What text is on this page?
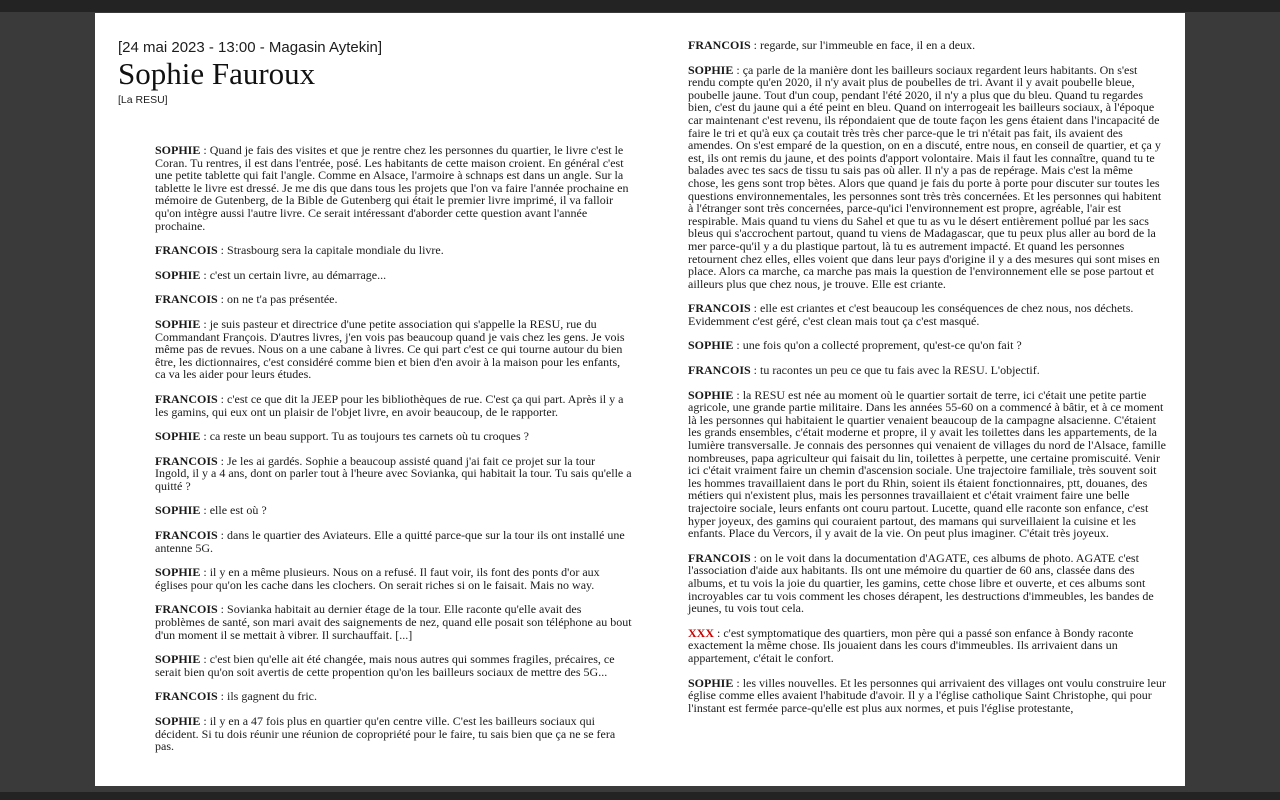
[24 mai 2023 - 13:00 - Magasin Aytekin]
Sophie Fauroux
[La RESU]

SOPHIE : Quand je fais des visites et que je rentre chez les personnes du quartier, le livre c'est le Coran. Tu rentres, il est dans l'entrée, posé. Les habitants de cette maison croient. En général c'est une petite tablette qui fait l'angle. Comme en Alsace, l'armoire à schnaps est dans un angle. Sur la tablette le livre est dressé. Je me dis que dans tous les projets que l'on va faire l'année prochaine en mémoire de Gutenberg, de la Bible de Gutenberg qui était le premier livre imprimé, il va falloir qu'on intègre aussi l'autre livre. Ce serait intéressant d'aborder cette question avant l'année prochaine.

FRANCOIS : Strasbourg sera la capitale mondiale du livre.

SOPHIE : c'est un certain livre, au démarrage...

FRANCOIS : on ne t'a pas présentée.

SOPHIE : je suis pasteur et directrice d'une petite association qui s'appelle la RESU, rue du Commandant François. D'autres livres, j'en vois pas beaucoup quand je vais chez les gens. Je vois même pas de revues. Nous on a une cabane à livres. Ce qui part c'est ce qui tourne autour du bien être, les dictionnaires, c'est considéré comme bien et bien d'en avoir à la maison pour les enfants, ca va les aider pour leurs études.

FRANCOIS : c'est ce que dit la JEEP pour les bibliothèques de rue. C'est ça qui part. Après il y a les gamins, qui eux ont un plaisir de l'objet livre, en avoir beaucoup, de le rapporter.

SOPHIE : ca reste un beau support. Tu as toujours tes carnets où tu croques ?

FRANCOIS : Je les ai gardés. Sophie a beaucoup assisté quand j'ai fait ce projet sur la tour Ingold, il y a 4 ans, dont on parler tout à l'heure avec Sovianka, qui habitait la tour. Tu sais qu'elle a quitté ?

SOPHIE : elle est où ?

FRANCOIS : dans le quartier des Aviateurs. Elle a quitté parce-que sur la tour ils ont installé une antenne 5G.

SOPHIE : il y en a même plusieurs. Nous on a refusé. Il faut voir, ils font des ponts d'or aux églises pour qu'on les cache dans les clochers. On serait riches si on le faisait. Mais no way.

FRANCOIS : Sovianka habitait au dernier étage de la tour. Elle raconte qu'elle avait des problèmes de santé, son mari avait des saignements de nez, quand elle posait son téléphone au bout d'un moment il se mettait à vibrer. Il surchauffait. [...]

SOPHIE : c'est bien qu'elle ait été changée, mais nous autres qui sommes fragiles, précaires, ce serait bien qu'on soit avertis de cette propention qu'on les bailleurs sociaux de mettre des 5G...

FRANCOIS : ils gagnent du fric.

SOPHIE : il y en a 47 fois plus en quartier qu'en centre ville. C'est les bailleurs sociaux qui décident. Si tu dois réunir une réunion de copropriété pour le faire, tu sais bien que ça ne se fera pas.

FRANCOIS : regarde, sur l'immeuble en face, il en a deux.

SOPHIE : ça parle de la manière dont les bailleurs sociaux regardent leurs habitants. On s'est rendu compte qu'en 2020, il n'y avait plus de poubelles de tri. Avant il y avait poubelle bleue, poubelle jaune. Tout d'un coup, pendant l'été 2020, il n'y a plus que du bleu. Quand tu regardes bien, c'est du jaune qui a été peint en bleu. Quand on interrogeait les bailleurs sociaux, à l'époque car maintenant c'est revenu, ils répondaient que de toute façon les gens étaient dans l'incapacité de faire le tri et qu'à eux ça coutait très très cher parce-que le tri n'était pas fait, ils avaient des amendes. On s'est emparé de la question, on en a discuté, entre nous, en conseil de quartier, et ça y est, ils ont remis du jaune, et des points d'apport volontaire. Mais il faut les connaître, quand tu te balades avec tes sacs de tissu tu sais pas où aller. Il n'y a pas de repérage. Mais c'est la même chose, les gens sont trop bètes. Alors que quand je fais du porte à porte pour discuter sur toutes les questions environnementales, les personnes sont très très concernées. Et les personnes qui habitent à l'étranger sont très concernées, parce-qu'ici l'environnement est propre, agréable, l'air est respirable. Mais quand tu viens du Sahel et que tu as vu le désert entièrement pollué par les sacs bleus qui s'accrochent partout, quand tu viens de Madagascar, que tu peux plus aller au bord de la mer parce-qu'il y a du plastique partout, là tu es autrement impacté. Et quand les personnes retournent chez elles, elles voient que dans leur pays d'origine il y a des mesures qui sont mises en place. Alors ca marche, ca marche pas mais la question de l'environnement elle se pose partout et ailleurs plus que chez nous, je trouve. Elle est criante.

FRANCOIS : elle est criantes et c'est beaucoup les conséquences de chez nous, nos déchets. Evidemment c'est géré, c'est clean mais tout ça c'est masqué.

SOPHIE : une fois qu'on a collecté proprement, qu'est-ce qu'on fait ?

FRANCOIS : tu racontes un peu ce que tu fais avec la RESU. L'objectif.

SOPHIE : la RESU est née au moment où le quartier sortait de terre, ici c'était une petite partie agricole, une grande partie militaire. Dans les années 55-60 on a commencé à bâtir, et à ce moment là les personnes qui habitaient le quartier venaient beaucoup de la campagne alsacienne. C'étaient les grands ensembles, c'était moderne et propre, il y avait les toilettes dans les appartements, de la lumière transversalle. Je connais des personnes qui venaient de villages du nord de l'Alsace, famille nombreuses, papa agriculteur qui faisait du lin, toilettes à perpette, une certaine promiscuité. Venir ici c'était vraiment faire un chemin d'ascension sociale. Une trajectoire familiale, très souvent soit les hommes travaillaient dans le port du Rhin, soient ils étaient fonctionnaires, ptt, douanes, des métiers qui n'existent plus, mais les personnes travaillaient et c'était vraiment faire une belle trajectoire sociale, leurs enfants ont couru partout. Lucette, quand elle raconte son enfance, c'est hyper joyeux, des gamins qui couraient partout, des mamans qui surveillaient la cuisine et les enfants. Place du Vercors, il y avait de la vie. On peut plus imaginer. C'était très joyeux.

FRANCOIS : on le voit dans la documentation d'AGATE, ces albums de photo. AGATE c'est l'association d'aide aux habitants. Ils ont une mémoire du quartier de 60 ans, classée dans des albums, et tu vois la joie du quartier, les gamins, cette chose libre et ouverte, et ces albums sont incroyables car tu vois comment les choses dérapent, les destructions d'immeubles, les bandes de jeunes, tu vois tout cela.

XXX : c'est symptomatique des quartiers, mon père qui a passé son enfance à Bondy raconte exactement la même chose. Ils jouaient dans les cours d'immeubles. Ils arrivaient dans un appartement, c'était le confort.

SOPHIE : les villes nouvelles. Et les personnes qui arrivaient des villages ont voulu construire leur église comme elles avaient l'habitude d'avoir. Il y a l'église catholique Saint Christophe, qui pour l'instant est fermée parce-qu'elle est plus aux normes, et puis l'église protestante,
